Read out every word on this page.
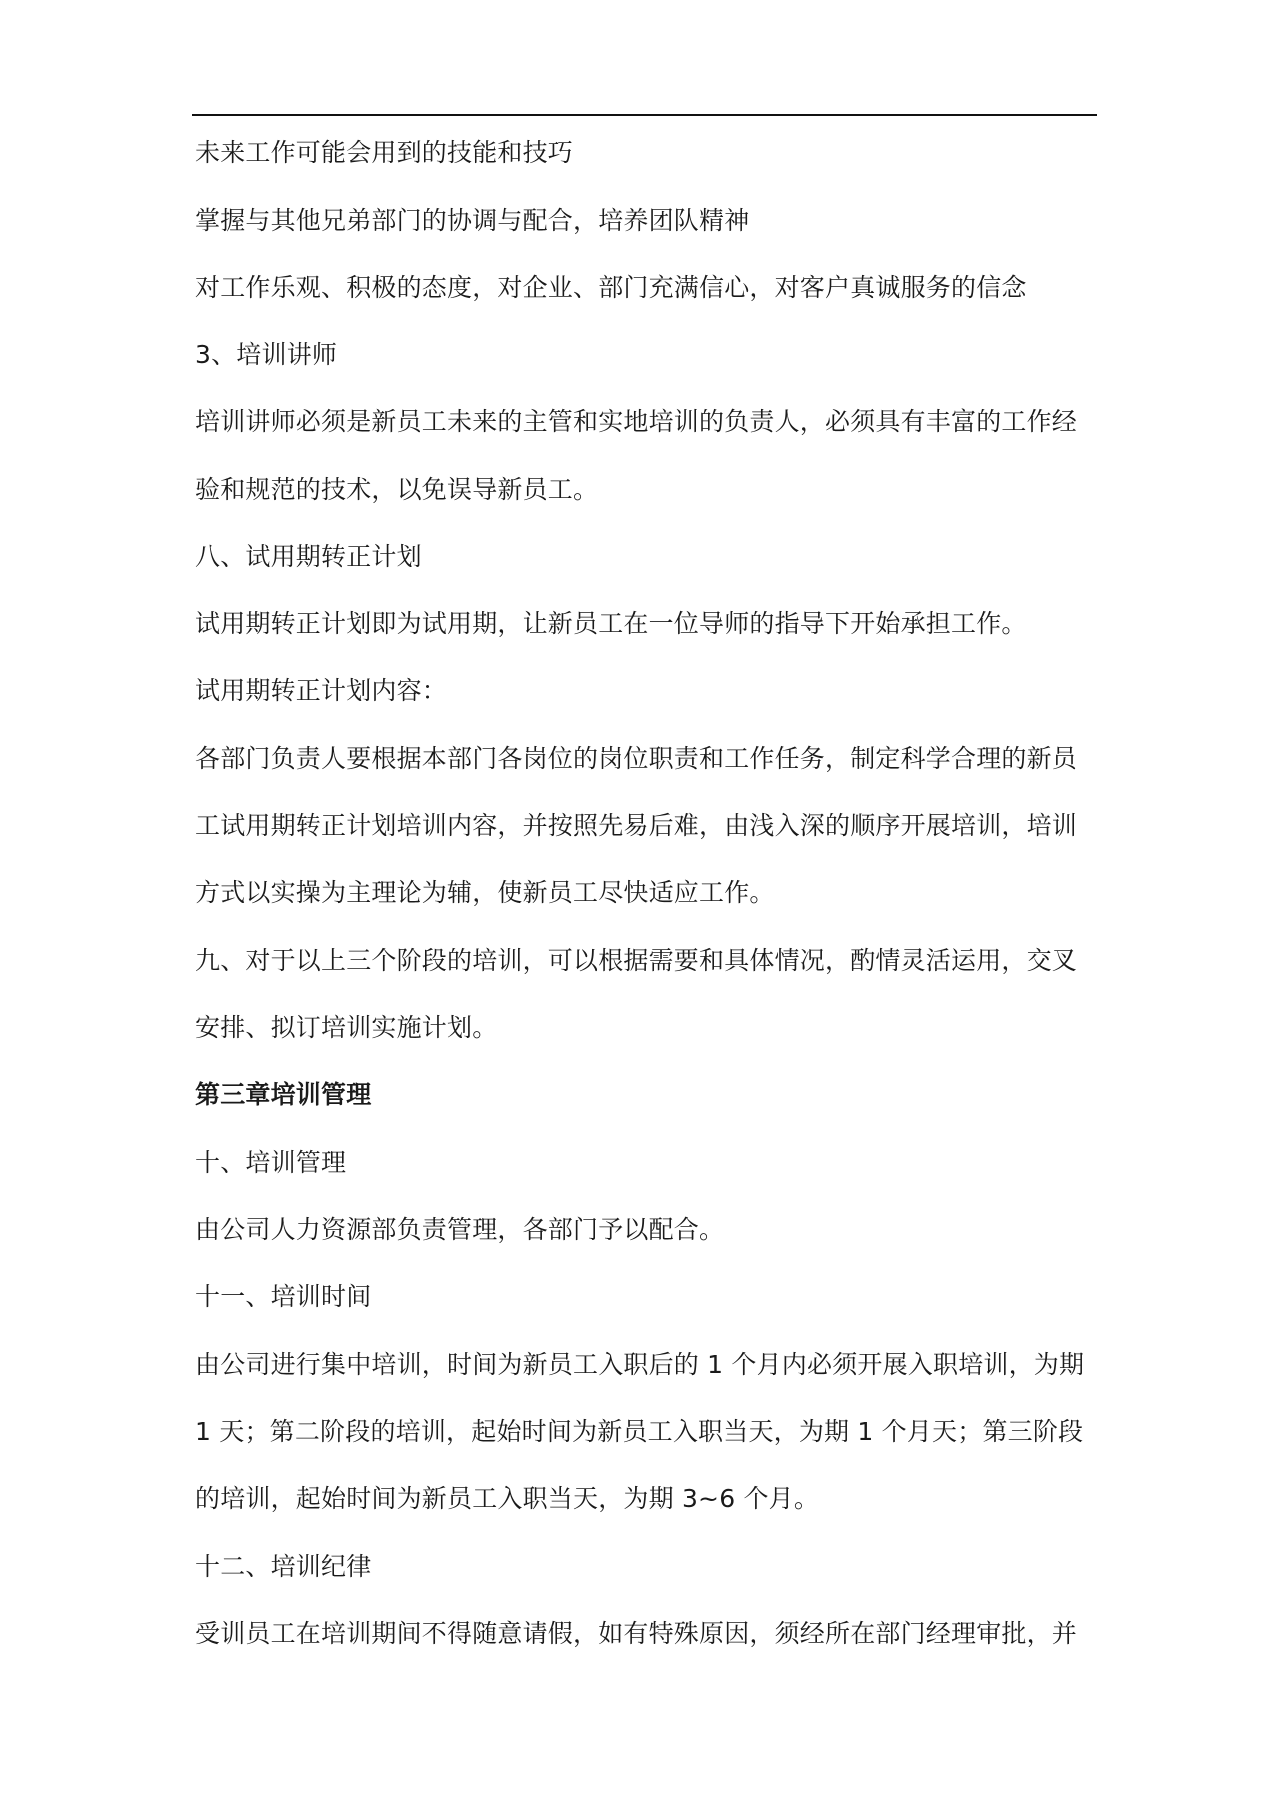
未来工作可能会用到的技能和技巧

掌握与其他兄弟部门的协调与配合，培养团队精神

对工作乐观、积极的态度，对企业、部门充满信心，对客户真诚服务的信念

3、培训讲师

培训讲师必须是新员工未来的主管和实地培训的负责人，必须具有丰富的工作经

验和规范的技术，以免误导新员工。

八、试用期转正计划

试用期转正计划即为试用期，让新员工在一位导师的指导下开始承担工作。

试用期转正计划内容：

各部门负责人要根据本部门各岗位的岗位职责和工作任务，制定科学合理的新员

工试用期转正计划培训内容，并按照先易后难，由浅入深的顺序开展培训，培训

方式以实操为主理论为辅，使新员工尽快适应工作。

九、对于以上三个阶段的培训，可以根据需要和具体情况，酌情灵活运用，交叉

安排、拟订培训实施计划。

第三章培训管理

十、培训管理

由公司人力资源部负责管理，各部门予以配合。

十一、培训时间

由公司进行集中培训，时间为新员工入职后的 1 个月内必须开展入职培训，为期

1 天；第二阶段的培训，起始时间为新员工入职当天，为期 1 个月天；第三阶段

的培训，起始时间为新员工入职当天，为期 3~6 个月。

十二、培训纪律

受训员工在培训期间不得随意请假，如有特殊原因，须经所在部门经理审批，并
